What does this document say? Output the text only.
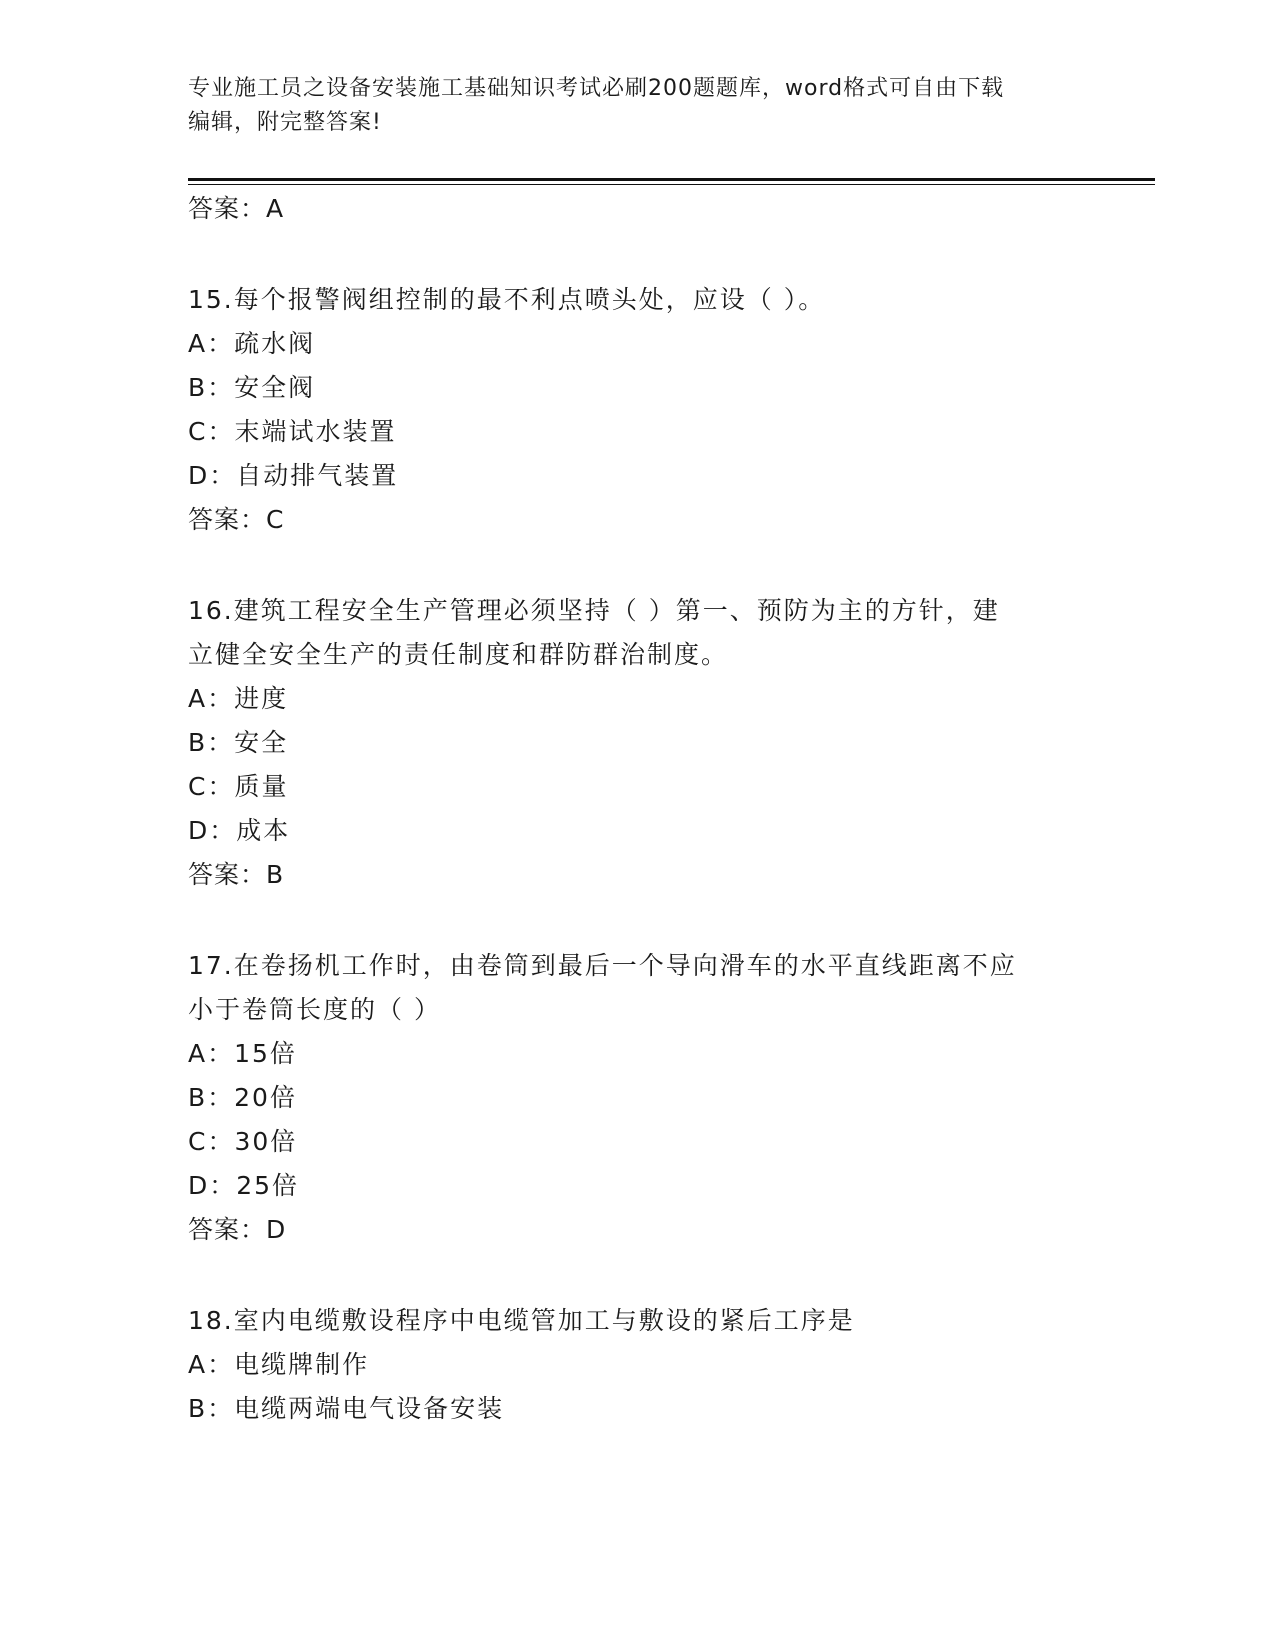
专业施工员之设备安装施工基础知识考试必刷200题题库，word格式可自由下载
编辑，附完整答案!
答案：A
15.每个报警阀组控制的最不利点喷头处，应设（ ）。
A：疏水阀
B：安全阀
C：末端试水装置
D：自动排气装置
答案：C
16.建筑工程安全生产管理必须坚持（ ）第一、预防为主的方针，建
立健全安全生产的责任制度和群防群治制度。
A：进度
B：安全
C：质量
D：成本
答案：B
17.在卷扬机工作时，由卷筒到最后一个导向滑车的水平直线距离不应
小于卷筒长度的（ ）
A：15倍
B：20倍
C：30倍
D：25倍
答案：D
18.室内电缆敷设程序中电缆管加工与敷设的紧后工序是
A：电缆牌制作
B：电缆两端电气设备安装
